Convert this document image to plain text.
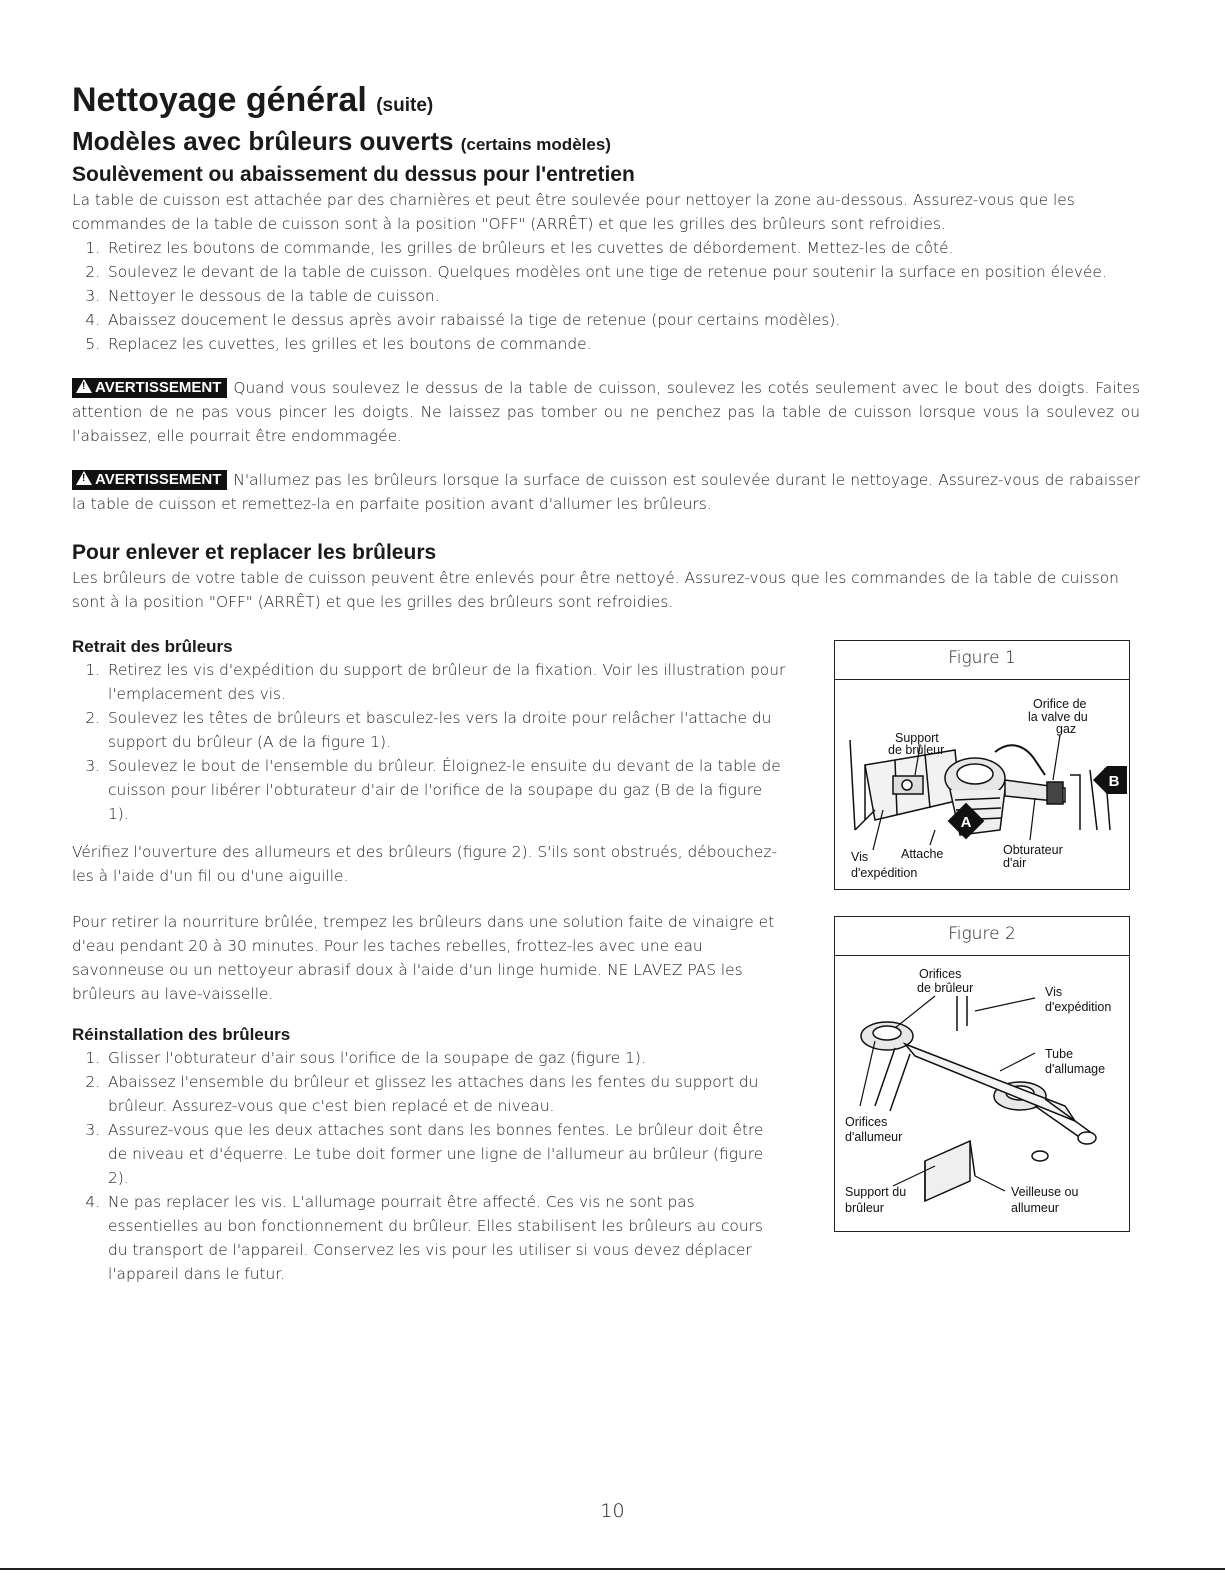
Nettoyage général (suite)
Modèles avec brûleurs ouverts (certains modèles)
Soulèvement ou abaissement du dessus pour l'entretien

La table de cuisson est attachée par des charnières et peut être soulevée pour nettoyer la zone au-dessous. Assurez-vous que les commandes de la table de cuisson sont à la position "OFF" (ARRÊT) et que les grilles des brûleurs sont refroidies.

1. Retirez les boutons de commande, les grilles de brûleurs et les cuvettes de débordement. Mettez-les de côté.
2. Soulevez le devant de la table de cuisson. Quelques modèles ont une tige de retenue pour soutenir la surface en position élevée.
3. Nettoyer le dessous de la table de cuisson.
4. Abaissez doucement le dessus après avoir rabaissé la tige de retenue (pour certains modèles).
5. Replacez les cuvettes, les grilles et les boutons de commande.

! AVERTISSEMENT Quand vous soulevez le dessus de la table de cuisson, soulevez les cotés seulement avec le bout des doigts. Faites attention de ne pas vous pincer les doigts. Ne laissez pas tomber ou ne penchez pas la table de cuisson lorsque vous la soulevez ou l'abaissez, elle pourrait être endommagée.

! AVERTISSEMENT N'allumez pas les brûleurs lorsque la surface de cuisson est soulevée durant le nettoyage. Assurez-vous de rabaisser la table de cuisson et remettez-la en parfaite position avant d'allumer les brûleurs.

Pour enlever et replacer les brûleurs

Les brûleurs de votre table de cuisson peuvent être enlevés pour être nettoyé. Assurez-vous que les commandes de la table de cuisson sont à la position "OFF" (ARRÊT) et que les grilles des brûleurs sont refroidies.

Retrait des brûleurs
1. Retirez les vis d'expédition du support de brûleur de la fixation. Voir les illustration pour l'emplacement des vis.
2. Soulevez les têtes de brûleurs et basculez-les vers la droite pour relâcher l'attache du support du brûleur (A de la figure 1).
3. Soulevez le bout de l'ensemble du brûleur. Éloignez-le ensuite du devant de la table de cuisson pour libérer l'obturateur d'air de l'orifice de la soupape du gaz (B de la figure 1).

Vérifiez l'ouverture des allumeurs et des brûleurs (figure 2). S'ils sont obstrués, débouchez-les à l'aide d'un fil ou d'une aiguille.

Pour retirer la nourriture brûlée, trempez les brûleurs dans une solution faite de vinaigre et d'eau pendant 20 à 30 minutes. Pour les taches rebelles, frottez-les avec une eau savonneuse ou un nettoyeur abrasif doux à l'aide d'un linge humide. NE LAVEZ PAS les brûleurs au lave-vaisselle.

Réinstallation des brûleurs
1. Glisser l'obturateur d'air sous l'orifice de la soupape de gaz (figure 1).
2. Abaissez l'ensemble du brûleur et glissez les attaches dans les fentes du support du brûleur. Assurez-vous que c'est bien replacé et de niveau.
3. Assurez-vous que les deux attaches sont dans les bonnes fentes. Le brûleur doit être de niveau et d'équerre. Le tube doit former une ligne de l'allumeur au brûleur (figure 2).
4. Ne pas replacer les vis. L'allumage pourrait être affecté. Ces vis ne sont pas essentielles au bon fonctionnement du brûleur. Elles stabilisent les brûleurs au cours du transport de l'appareil. Conservez les vis pour les utiliser si vous devez déplacer l'appareil dans le futur.
Figure 1
A
B
Orifice de
la valve du
gaz
Support
de brûleur
Vis
d'expédition
Attache	Obturateur
d'air
Figure 2
Orifices
de brûleur	Vis
d'expédition
Tube
d'allumage
Orifices
d'allumeur
Support du
brûleur
Veilleuse ou
allumeur
10
